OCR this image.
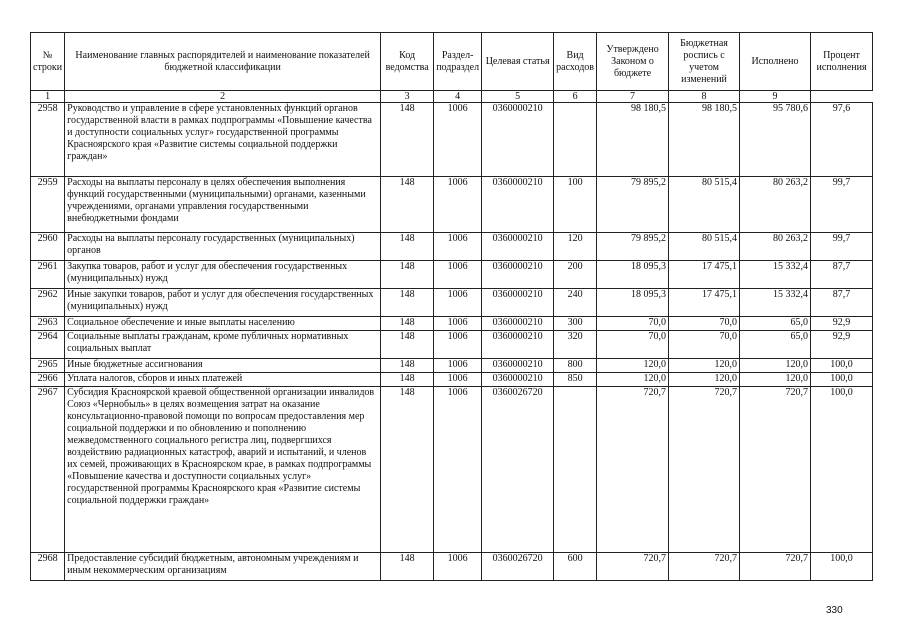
№ строки	Наименование главных распорядителей и наименование показателей бюджетной классификации	Код ведомства	Раздел-подраздел	Целевая статья	Вид расходов	Утверждено Законом о бюджете	Бюджетная роспись с учетом изменений	Исполнено	Процент исполнения
1	2	3	4	5	6	7	8	9	
2958	Руководство и управление в сфере установленных функций органов государственной власти в рамках подпрограммы «Повышение качества и доступности социальных услуг» государственной программы Красноярского края «Развитие системы социальной поддержки граждан»	148	1006	0360000210		98 180,5	98 180,5	95 780,6	97,6
2959	Расходы на выплаты персоналу в целях обеспечения выполнения функций государственными (муниципальными) органами, казенными учреждениями, органами управления государственными внебюджетными фондами	148	1006	0360000210	100	79 895,2	80 515,4	80 263,2	99,7
2960	Расходы на выплаты персоналу государственных (муниципальных) органов	148	1006	0360000210	120	79 895,2	80 515,4	80 263,2	99,7
2961	Закупка товаров, работ и услуг для обеспечения государственных (муниципальных) нужд	148	1006	0360000210	200	18 095,3	17 475,1	15 332,4	87,7
2962	Иные закупки товаров, работ и услуг для обеспечения государственных (муниципальных) нужд	148	1006	0360000210	240	18 095,3	17 475,1	15 332,4	87,7
2963	Социальное обеспечение и иные выплаты населению	148	1006	0360000210	300	70,0	70,0	65,0	92,9
2964	Социальные выплаты гражданам, кроме публичных нормативных социальных выплат	148	1006	0360000210	320	70,0	70,0	65,0	92,9
2965	Иные бюджетные ассигнования	148	1006	0360000210	800	120,0	120,0	120,0	100,0
2966	Уплата налогов, сборов и иных платежей	148	1006	0360000210	850	120,0	120,0	120,0	100,0
2967	Субсидия Красноярской краевой общественной организации инвалидов Союз «Чернобыль» в целях возмещения затрат на оказание консультационно-правовой помощи по вопросам предоставления мер социальной поддержки и по обновлению и пополнению межведомственного социального регистра лиц, подвергшихся воздействию радиационных катастроф, аварий и испытаний, и членов их семей, проживающих в Красноярском крае, в рамках подпрограммы «Повышение качества и доступности социальных услуг» государственной программы Красноярского края «Развитие системы социальной поддержки граждан»	148	1006	0360026720		720,7	720,7	720,7	100,0
2968	Предоставление субсидий бюджетным, автономным учреждениям и иным некоммерческим организациям	148	1006	0360026720	600	720,7	720,7	720,7	100,0
330
